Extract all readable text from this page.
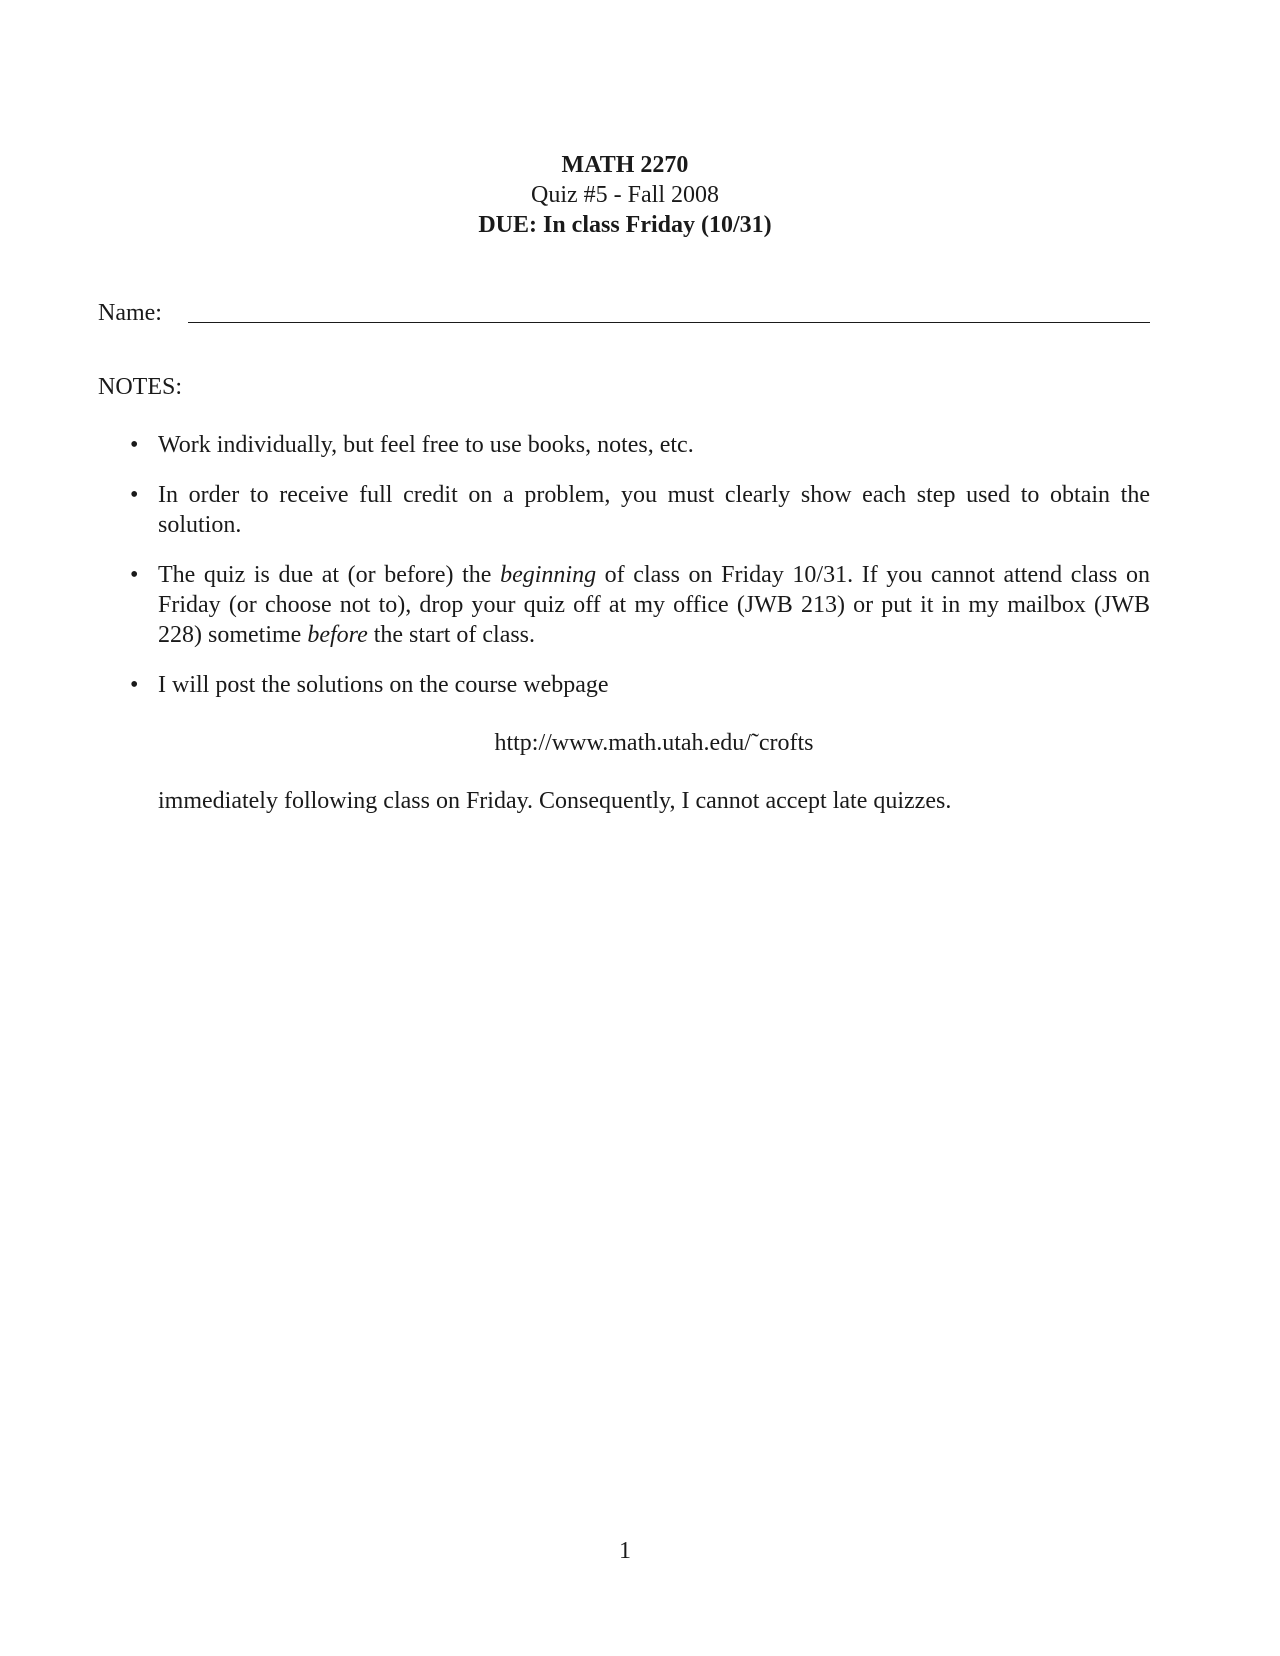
MATH 2270
Quiz #5 - Fall 2008
DUE: In class Friday (10/31)
Name:
NOTES:
• Work individually, but feel free to use books, notes, etc.
• In order to receive full credit on a problem, you must clearly show each step used to obtain the solution.
• The quiz is due at (or before) the beginning of class on Friday 10/31. If you cannot attend class on Friday (or choose not to), drop your quiz off at my office (JWB 213) or put it in my mailbox (JWB 228) sometime before the start of class.
• I will post the solutions on the course webpage
http://www.math.utah.edu/˜crofts
immediately following class on Friday. Consequently, I cannot accept late quizzes.
1
